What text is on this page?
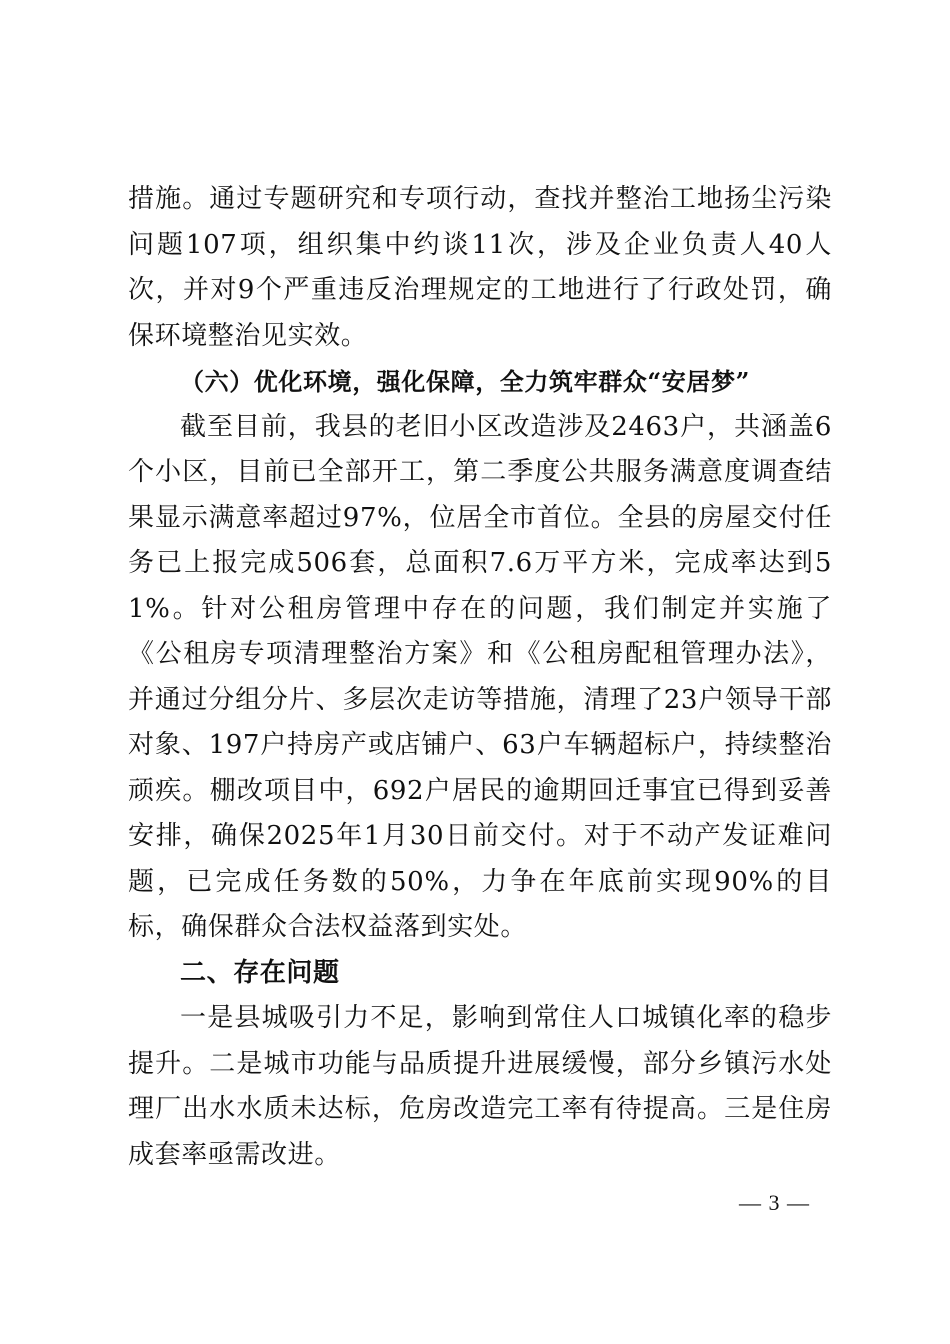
措施。通过专题研究和专项行动，查找并整治工地扬尘污染问题107项，组织集中约谈11次，涉及企业负责人40人次，并对9个严重违反治理规定的工地进行了行政处罚，确保环境整治见实效。

（六）优化环境，强化保障，全力筑牢群众“安居梦”

截至目前，我县的老旧小区改造涉及2463户，共涵盖6个小区，目前已全部开工，第二季度公共服务满意度调查结果显示满意率超过97%，位居全市首位。全县的房屋交付任务已上报完成506套，总面积7.6万平方米，完成率达到51%。针对公租房管理中存在的问题，我们制定并实施了《公租房专项清理整治方案》和《公租房配租管理办法》，并通过分组分片、多层次走访等措施，清理了23户领导干部对象、197户持房产或店铺户、63户车辆超标户，持续整治顽疾。棚改项目中，692户居民的逾期回迁事宜已得到妥善安排，确保2025年1月30日前交付。对于不动产发证难问题，已完成任务数的50%，力争在年底前实现90%的目标，确保群众合法权益落到实处。

二、存在问题

一是县城吸引力不足，影响到常住人口城镇化率的稳步提升。二是城市功能与品质提升进展缓慢，部分乡镇污水处理厂出水水质未达标，危房改造完工率有待提高。三是住房成套率亟需改进。

— 3 —
